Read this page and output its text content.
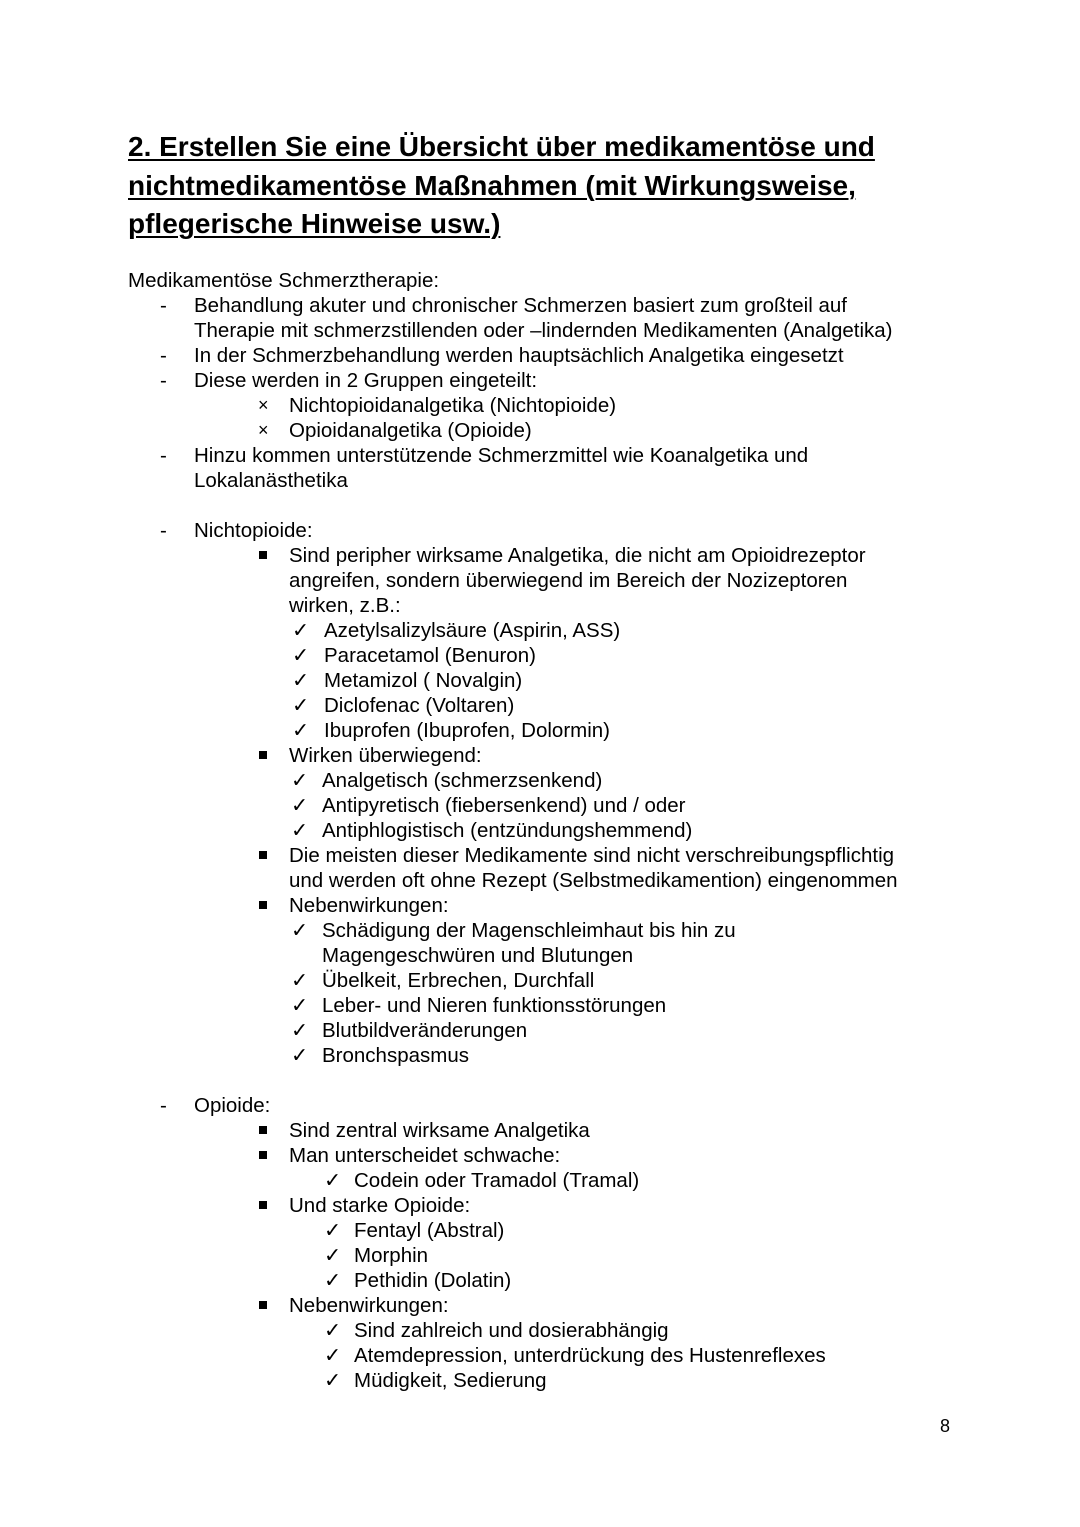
2. Erstellen Sie eine Übersicht über medikamentöse und
nichtmedikamentöse Maßnahmen (mit Wirkungsweise,
pflegerische Hinweise usw.)
Medikamentöse Schmerztherapie:
- Behandlung akuter und chronischer Schmerzen basiert zum großteil auf
Therapie mit schmerzstillenden oder –lindernden Medikamenten (Analgetika)
- In der Schmerzbehandlung werden hauptsächlich Analgetika eingesetzt
- Diese werden in 2 Gruppen eingeteilt:
× Nichtopioidanalgetika (Nichtopioide)
× Opioidanalgetika (Opioide)
- Hinzu kommen unterstützende Schmerzmittel wie Koanalgetika und
Lokalanästhetika
- Nichtopioide:
Sind peripher wirksame Analgetika, die nicht am Opioidrezeptor
angreifen, sondern überwiegend im Bereich der Nozizeptoren
wirken, z.B.:
✓ Azetylsalizylsäure (Aspirin, ASS)
✓ Paracetamol (Benuron)
✓ Metamizol ( Novalgin)
✓ Diclofenac (Voltaren)
✓ Ibuprofen (Ibuprofen, Dolormin)
Wirken überwiegend:
✓ Analgetisch (schmerzsenkend)
✓ Antipyretisch (fiebersenkend) und / oder
✓ Antiphlogistisch (entzündungshemmend)
Die meisten dieser Medikamente sind nicht verschreibungspflichtig
und werden oft ohne Rezept (Selbstmedikamention) eingenommen
Nebenwirkungen:
✓ Schädigung der Magenschleimhaut bis hin zu
Magengeschwüren und Blutungen
✓ Übelkeit, Erbrechen, Durchfall
✓ Leber- und Nieren funktionsstörungen
✓ Blutbildveränderungen
✓ Bronchspasmus
- Opioide:
Sind zentral wirksame Analgetika
Man unterscheidet schwache:
✓ Codein oder Tramadol (Tramal)
Und starke Opioide:
✓ Fentayl (Abstral)
✓ Morphin
✓ Pethidin (Dolatin)
Nebenwirkungen:
✓ Sind zahlreich und dosierabhängig
✓ Atemdepression, unterdrückung des Hustenreflexes
✓ Müdigkeit, Sedierung
8
